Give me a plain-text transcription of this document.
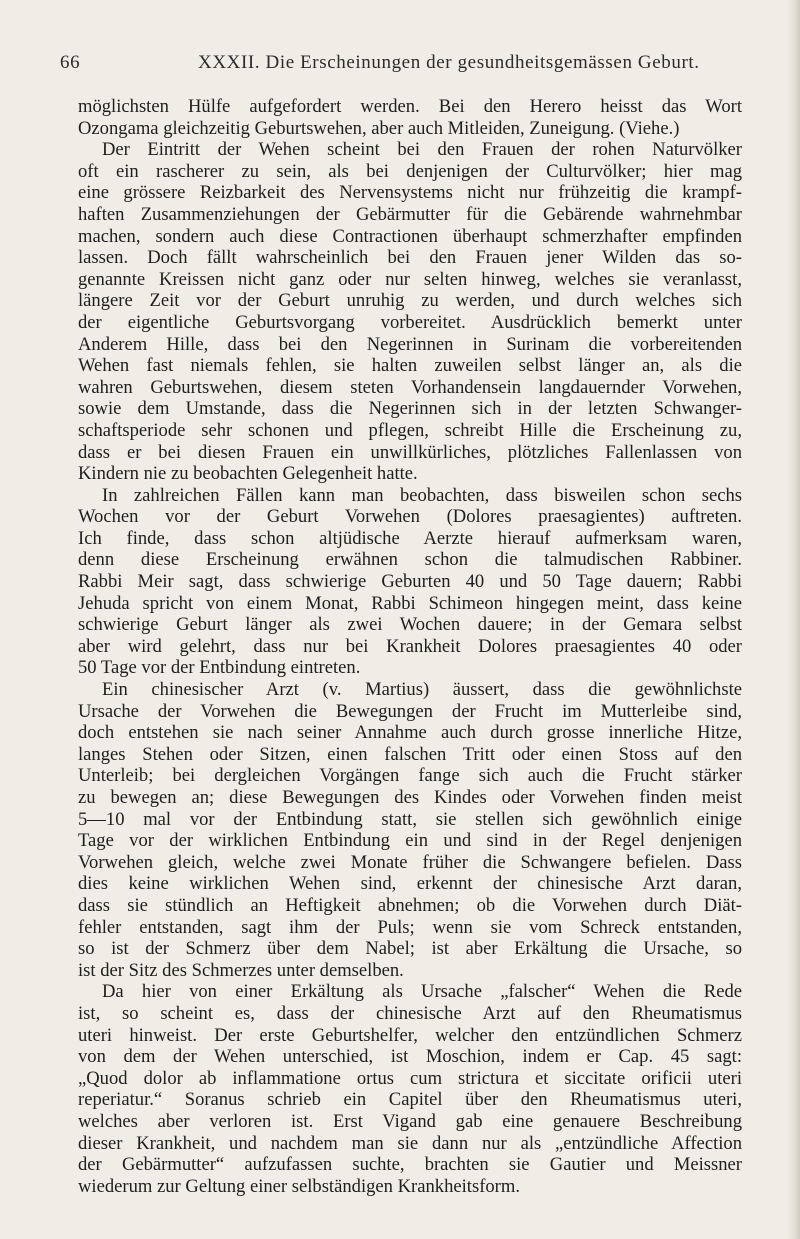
66	XXXII. Die Erscheinungen der gesundheitsgemässen Geburt.
möglichsten Hülfe aufgefordert werden. Bei den Herero heisst das Wort
Ozongama gleichzeitig Geburtswehen, aber auch Mitleiden, Zuneigung. (Viehe.)
Der Eintritt der Wehen scheint bei den Frauen der rohen Naturvölker
oft ein rascherer zu sein, als bei denjenigen der Culturvölker; hier mag
eine grössere Reizbarkeit des Nervensystems nicht nur frühzeitig die krampf-
haften Zusammenziehungen der Gebärmutter für die Gebärende wahrnehmbar
machen, sondern auch diese Contractionen überhaupt schmerzhafter empfinden
lassen. Doch fällt wahrscheinlich bei den Frauen jener Wilden das so-
genannte Kreissen nicht ganz oder nur selten hinweg, welches sie veranlasst,
längere Zeit vor der Geburt unruhig zu werden, und durch welches sich
der eigentliche Geburtsvorgang vorbereitet. Ausdrücklich bemerkt unter
Anderem Hille, dass bei den Negerinnen in Surinam die vorbereitenden
Wehen fast niemals fehlen, sie halten zuweilen selbst länger an, als die
wahren Geburtswehen, diesem steten Vorhandensein langdauernder Vorwehen,
sowie dem Umstande, dass die Negerinnen sich in der letzten Schwanger-
schaftsperiode sehr schonen und pflegen, schreibt Hille die Erscheinung zu,
dass er bei diesen Frauen ein unwillkürliches, plötzliches Fallenlassen von
Kindern nie zu beobachten Gelegenheit hatte.
In zahlreichen Fällen kann man beobachten, dass bisweilen schon sechs
Wochen vor der Geburt Vorwehen (Dolores praesagientes) auftreten.
Ich finde, dass schon altjüdische Aerzte hierauf aufmerksam waren,
denn diese Erscheinung erwähnen schon die talmudischen Rabbiner.
Rabbi Meir sagt, dass schwierige Geburten 40 und 50 Tage dauern; Rabbi
Jehuda spricht von einem Monat, Rabbi Schimeon hingegen meint, dass keine
schwierige Geburt länger als zwei Wochen dauere; in der Gemara selbst
aber wird gelehrt, dass nur bei Krankheit Dolores praesagientes 40 oder
50 Tage vor der Entbindung eintreten.
Ein chinesischer Arzt (v. Martius) äussert, dass die gewöhnlichste
Ursache der Vorwehen die Bewegungen der Frucht im Mutterleibe sind,
doch entstehen sie nach seiner Annahme auch durch grosse innerliche Hitze,
langes Stehen oder Sitzen, einen falschen Tritt oder einen Stoss auf den
Unterleib; bei dergleichen Vorgängen fange sich auch die Frucht stärker
zu bewegen an; diese Bewegungen des Kindes oder Vorwehen finden meist
5—10 mal vor der Entbindung statt, sie stellen sich gewöhnlich einige
Tage vor der wirklichen Entbindung ein und sind in der Regel denjenigen
Vorwehen gleich, welche zwei Monate früher die Schwangere befielen. Dass
dies keine wirklichen Wehen sind, erkennt der chinesische Arzt daran,
dass sie stündlich an Heftigkeit abnehmen; ob die Vorwehen durch Diät-
fehler entstanden, sagt ihm der Puls; wenn sie vom Schreck entstanden,
so ist der Schmerz über dem Nabel; ist aber Erkältung die Ursache, so
ist der Sitz des Schmerzes unter demselben.
Da hier von einer Erkältung als Ursache „falscher“ Wehen die Rede
ist, so scheint es, dass der chinesische Arzt auf den Rheumatismus
uteri hinweist. Der erste Geburtshelfer, welcher den entzündlichen Schmerz
von dem der Wehen unterschied, ist Moschion, indem er Cap. 45 sagt:
„Quod dolor ab inflammatione ortus cum strictura et siccitate orificii uteri
reperiatur.“ Soranus schrieb ein Capitel über den Rheumatismus uteri,
welches aber verloren ist. Erst Vigand gab eine genauere Beschreibung
dieser Krankheit, und nachdem man sie dann nur als „entzündliche Affection
der Gebärmutter“ aufzufassen suchte, brachten sie Gautier und Meissner
wiederum zur Geltung einer selbständigen Krankheitsform.
